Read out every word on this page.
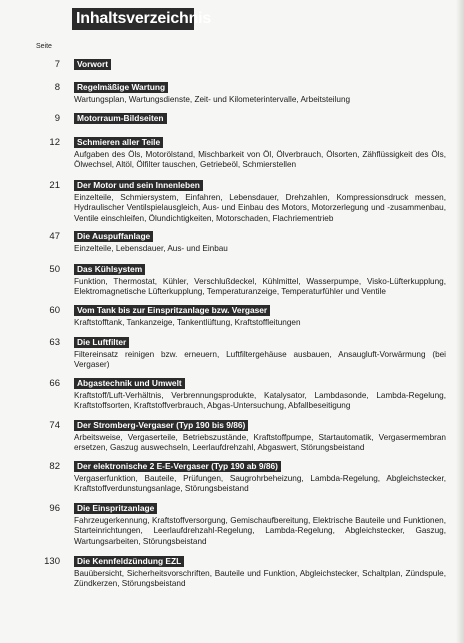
Inhaltsverzeichnis
Seite
7	Vorwort
8	Regelmäßige Wartung
Wartungsplan, Wartungsdienste, Zeit- und Kilometerintervalle, Arbeitsteilung
9	Motorraum-Bildseiten
12	Schmieren aller Teile
Aufgaben des Öls, Motorölstand, Mischbarkeit von Öl, Ölverbrauch, Ölsorten, Zähflüssigkeit des Öls, Ölwechsel, Altöl, Ölfilter tauschen, Getriebeöl, Schmierstellen
21	Der Motor und sein Innenleben
Einzelteile, Schmiersystem, Einfahren, Lebensdauer, Drehzahlen, Kompressionsdruck messen, Hydraulischer Ventilspielausgleich, Aus- und Einbau des Motors, Motorzerlegung und -zusammenbau, Ventile einschleifen, Ölundichtigkeiten, Motorschaden, Flachriementrieb
47	Die Auspuffanlage
Einzelteile, Lebensdauer, Aus- und Einbau
50	Das Kühlsystem
Funktion, Thermostat, Kühler, Verschlußdeckel, Kühlmittel, Wasserpumpe, Visko-Lüfterkupplung, Elektromagnetische Lüfterkupplung, Temperaturanzeige, Temperaturfühler und Ventile
60	Vom Tank bis zur Einspritzanlage bzw. Vergaser
Kraftstofftank, Tankanzeige, Tankentlüftung, Kraftstoffleitungen
63	Die Luftfilter
Filtereinsatz reinigen bzw. erneuern, Luftfiltergehäuse ausbauen, Ansaugluft-Vorwärmung (bei Vergaser)
66	Abgastechnik und Umwelt
Kraftstoff/Luft-Verhältnis, Verbrennungsprodukte, Katalysator, Lambdasonde, Lambda-Regelung, Kraftstoffsorten, Kraftstoffverbrauch, Abgas-Untersuchung, Abfallbeseitigung
74	Der Stromberg-Vergaser (Typ 190 bis 9/86)
Arbeitsweise, Vergaserteile, Betriebszustände, Kraftstoffpumpe, Startautomatik, Vergasermembran ersetzen, Gaszug auswechseln, Leerlaufdrehzahl, Abgaswert, Störungsbeistand
82	Der elektronische 2 E-E-Vergaser (Typ 190 ab 9/86)
Vergaserfunktion, Bauteile, Prüfungen, Saugrohrbeheizung, Lambda-Regelung, Abgleichstecker, Kraftstoffverdunstungsanlage, Störungsbeistand
96	Die Einspritzanlage
Fahrzeugerkennung, Kraftstoffversorgung, Gemischaufbereitung, Elektrische Bauteile und Funktionen, Starteinrichtungen, Leerlaufdrehzahl-Regelung, Lambda-Regelung, Abgleichstecker, Gaszug, Wartungsarbeiten, Störungsbeistand
130	Die Kennfeldzündung EZL
Bauübersicht, Sicherheitsvorschriften, Bauteile und Funktion, Abgleichstecker, Schaltplan, Zündspule, Zündkerzen, Störungsbeistand
